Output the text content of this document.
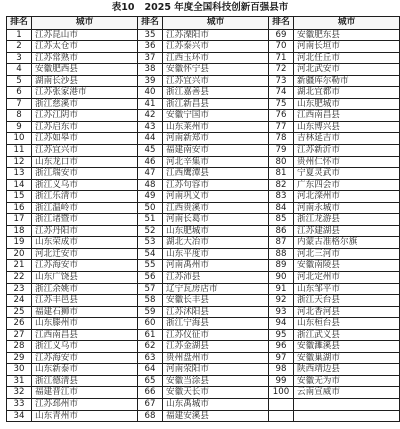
表10 2025 年度全国科技创新百强县市
排名	城市	排名	城市	排名	城市
1	江苏昆山市	35	江苏溧阳市	69	安徽肥东县
2	江苏太仓市	36	江苏泰兴市	70	河南长垣市
3	江苏常熟市	37	江西玉环市	71	河北任丘市
4	安徽肥西县	38	安徽怀宁县	72	河北武安市
5	湖南长沙县	39	江苏宜兴市	73	新疆库尔勒市
6	江苏张家港市	40	浙江嘉善县	74	湖北宜都市
7	浙江慈溪市	41	浙江新昌县	75	山东肥城市
8	江苏江阴市	42	安徽宁国市	76	江西南昌县
9	江苏启东市	43	山东莱州市	77	山东博兴县
10	江苏如皋市	44	河南新郑市	78	吉林延吉市
11	江苏宜兴市	45	福建南安市	79	江苏新沂市
12	山东龙口市	46	河北辛集市	80	贵州仁怀市
13	浙江瑞安市	47	江西鹰潭县	81	宁夏灵武市
14	浙江义乌市	48	江苏句容市	82	广东四会市
15	浙江乐清市	49	河南巩义市	83	河北滦州市
16	浙江温岭市	50	江西贵溪市	84	河南永城市
17	浙江诸暨市	51	河南长葛市	85	浙江龙游县
18	江苏丹阳市	52	山东肥城市	86	江苏建湖县
19	山东荣成市	53	湖北大冶市	87	内蒙古准格尔旗
20	河北迁安市	54	山东平度市	88	河北三河市
21	江苏海安市	55	河南禹州市	89	安徽南陵县
22	山东广饶县	56	江苏沛县	90	河北定州市
23	浙江余姚市	57	辽宁瓦房店市	91	山东邹平市
24	江苏丰邑县	58	安徽长丰县	92	浙江天台县
25	福建石狮市	59	江苏沭阳县	93	河北香河县
26	山东滕州市	60	浙江宁海县	94	山东桓台县
27	江西南昌县	61	江苏仪征市	95	浙江武义县
28	浙江义乌市	62	江苏金湖县	96	安徽濉溪县
29	江苏海安市	63	贵州盘州市	97	安徽巢湖市
30	山东新泰市	64	河南荥阳市	98	陕西靖边县
31	浙江德清县	65	安徽当涂县	99	安徽无为市
32	福建晋江市	66	安徽天长市	100	云南宣威市
33	江苏邳州市	67	山东禹城市		
34	山东青州市	68	福建安溪县		
